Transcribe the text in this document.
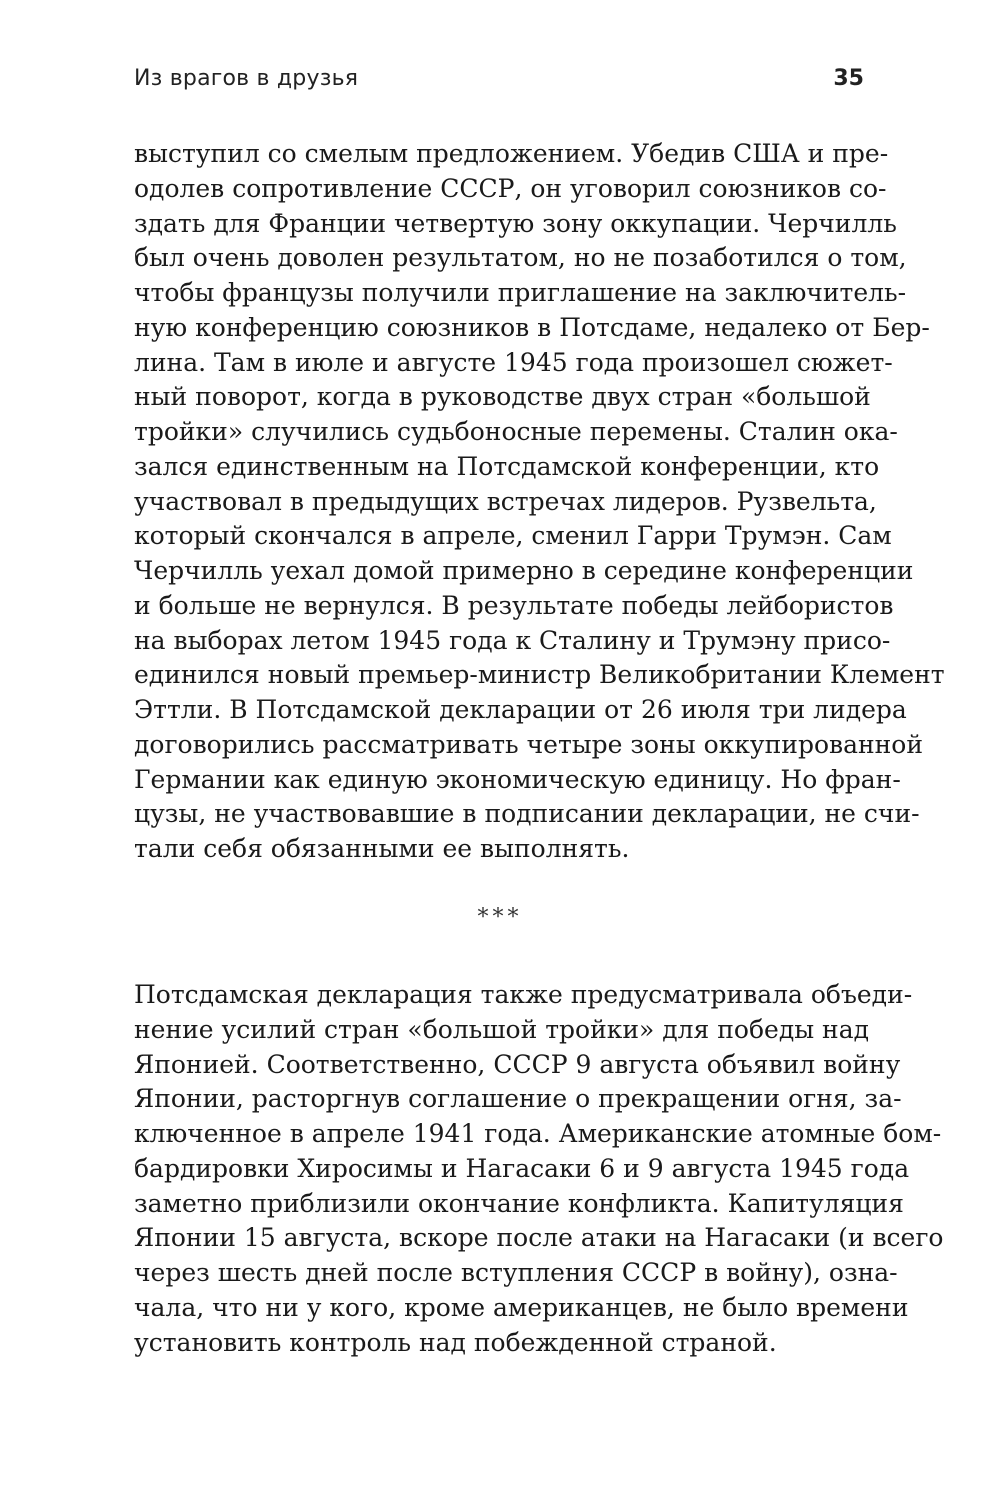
Из врагов в друзья	35
выступил со смелым предложением. Убедив США и пре-
одолев сопротивление СССР, он уговорил союзников со-
здать для Франции четвертую зону оккупации. Черчилль
был очень доволен результатом, но не позаботился о том,
чтобы французы получили приглашение на заключитель-
ную конференцию союзников в Потсдаме, недалеко от Бер-
лина. Там в июле и августе 1945 года произошел сюжет-
ный поворот, когда в руководстве двух стран «большой
тройки» случились судьбоносные перемены. Сталин ока-
зался единственным на Потсдамской конференции, кто
участвовал в предыдущих встречах лидеров. Рузвельта,
который скончался в апреле, сменил Гарри Трумэн. Сам
Черчилль уехал домой примерно в середине конференции
и больше не вернулся. В результате победы лейбористов
на выборах летом 1945 года к Сталину и Трумэну присо-
единился новый премьер-министр Великобритании Клемент
Эттли. В Потсдамской декларации от 26 июля три лидера
договорились рассматривать четыре зоны оккупированной
Германии как единую экономическую единицу. Но фран-
цузы, не участвовавшие в подписании декларации, не счи-
тали себя обязанными ее выполнять.
***
Потсдамская декларация также предусматривала объеди-
нение усилий стран «большой тройки» для победы над
Японией. Соответственно, СССР 9 августа объявил войну
Японии, расторгнув соглашение о прекращении огня, за-
ключенное в апреле 1941 года. Американские атомные бом-
бардировки Хиросимы и Нагасаки 6 и 9 августа 1945 года
заметно приблизили окончание конфликта. Капитуляция
Японии 15 августа, вскоре после атаки на Нагасаки (и всего
через шесть дней после вступления СССР в войну), озна-
чала, что ни у кого, кроме американцев, не было времени
установить контроль над побежденной страной.
